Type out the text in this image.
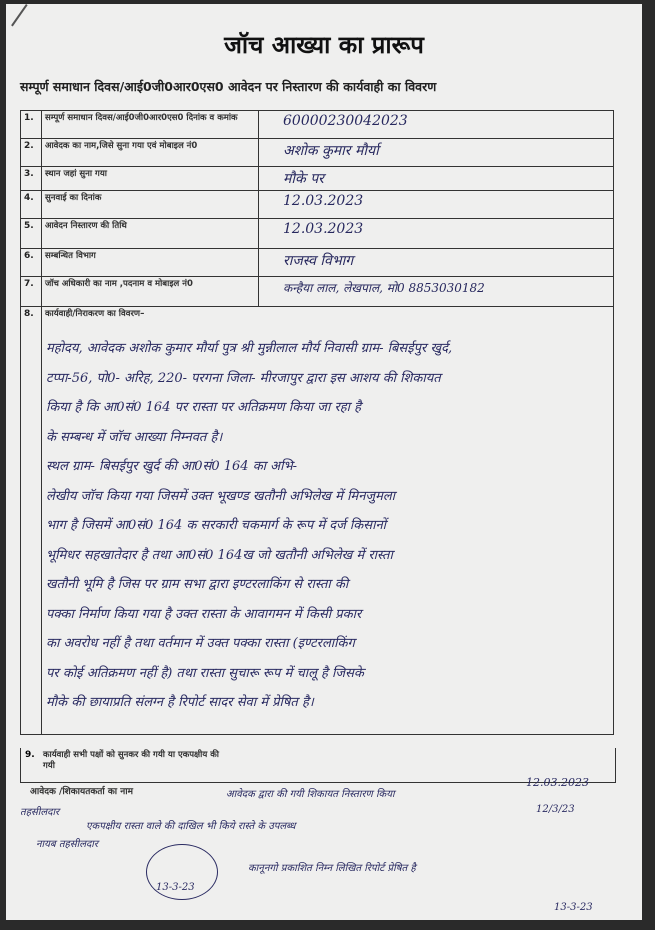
जॉच आख्या का प्रारूप
सम्पूर्ण समाधान दिवस/आई0जी0आर0एस0 आवेदन पर निस्तारण की कार्यवाही का विवरण
1.	सम्पूर्ण समाधान दिवस/आई0जी0आर0एस0 दिनांक व कमांक	60000230042023
2.	आवेदक का नाम,जिसे सुना गया एवं मोबाइल नं0	अशोक कुमार मौर्या
3.	स्थान जहां सुना गया	मौके पर
4.	सुनवाई का दिनांक	12.03.2023
5.	आवेदन निस्तारण की तिथि	12.03.2023
6.	सम्बन्धित विभाग	राजस्व विभाग
7.	जॉच अधिकारी का नाम ,पदनाम व मोबाइल नं0	कन्हैया लाल, लेखपाल, मो0 8853030182
8.	कार्यवाही/निराकरण का विवरण–	
महोदय, आवेदक अशोक कुमार मौर्या पुत्र श्री मुन्नीलाल मौर्य निवासी ग्राम- बिसईपुर खुर्द,
टप्पा-56, पो0- अरिह, 220- परगना जिला- मीरजापुर द्वारा इस आशय की शिकायत
किया है कि आ0सं0 164 पर रास्ता पर अतिक्रमण किया जा रहा है
के सम्बन्ध में जॉच आख्या निम्नवत है।
स्थल ग्राम- बिसईपुर खुर्द की आ0सं0 164 का अभि-
लेखीय जॉच किया गया जिसमें उक्त भूखण्ड खतौनी अभिलेख में मिनजुमला
भाग है जिसमें आ0सं0 164 क सरकारी चकमार्ग के रूप में दर्ज किसानों
भूमिधर सहखातेदार है तथा आ0सं0 164ख जो खतौनी अभिलेख में रास्ता
खतौनी भूमि है जिस पर ग्राम सभा द्वारा इण्टरलाकिंग से रास्ता की
पक्का निर्माण किया गया है उक्त रास्ता के आवागमन में किसी प्रकार
का अवरोध नहीं है तथा वर्तमान में उक्त पक्का रास्ता (इण्टरलाकिंग
पर कोई अतिक्रमण नहीं है) तथा रास्ता सुचारू रूप में चालू है जिसके
मौके की छायाप्रति संलग्न है रिपोर्ट सादर सेवा में प्रेषित है।
9. कार्यवाही सभी पक्षों को सुनकर की गयी या एकपक्षीय की गयी
12.03.2023
आवेदक /शिकायतकर्ता का नाम	आवेदक द्वारा की गयी शिकायत निस्तारण किया
तहसीलदार
एकपक्षीय रास्ता वाले की दाखिल भी किये रास्ते के उपलब्ध
नायब तहसीलदार
कानूनगो प्रकाशित निम्न लिखित रिपोर्ट प्रेषित है
12/3/23
13-3-23
13-3-23
